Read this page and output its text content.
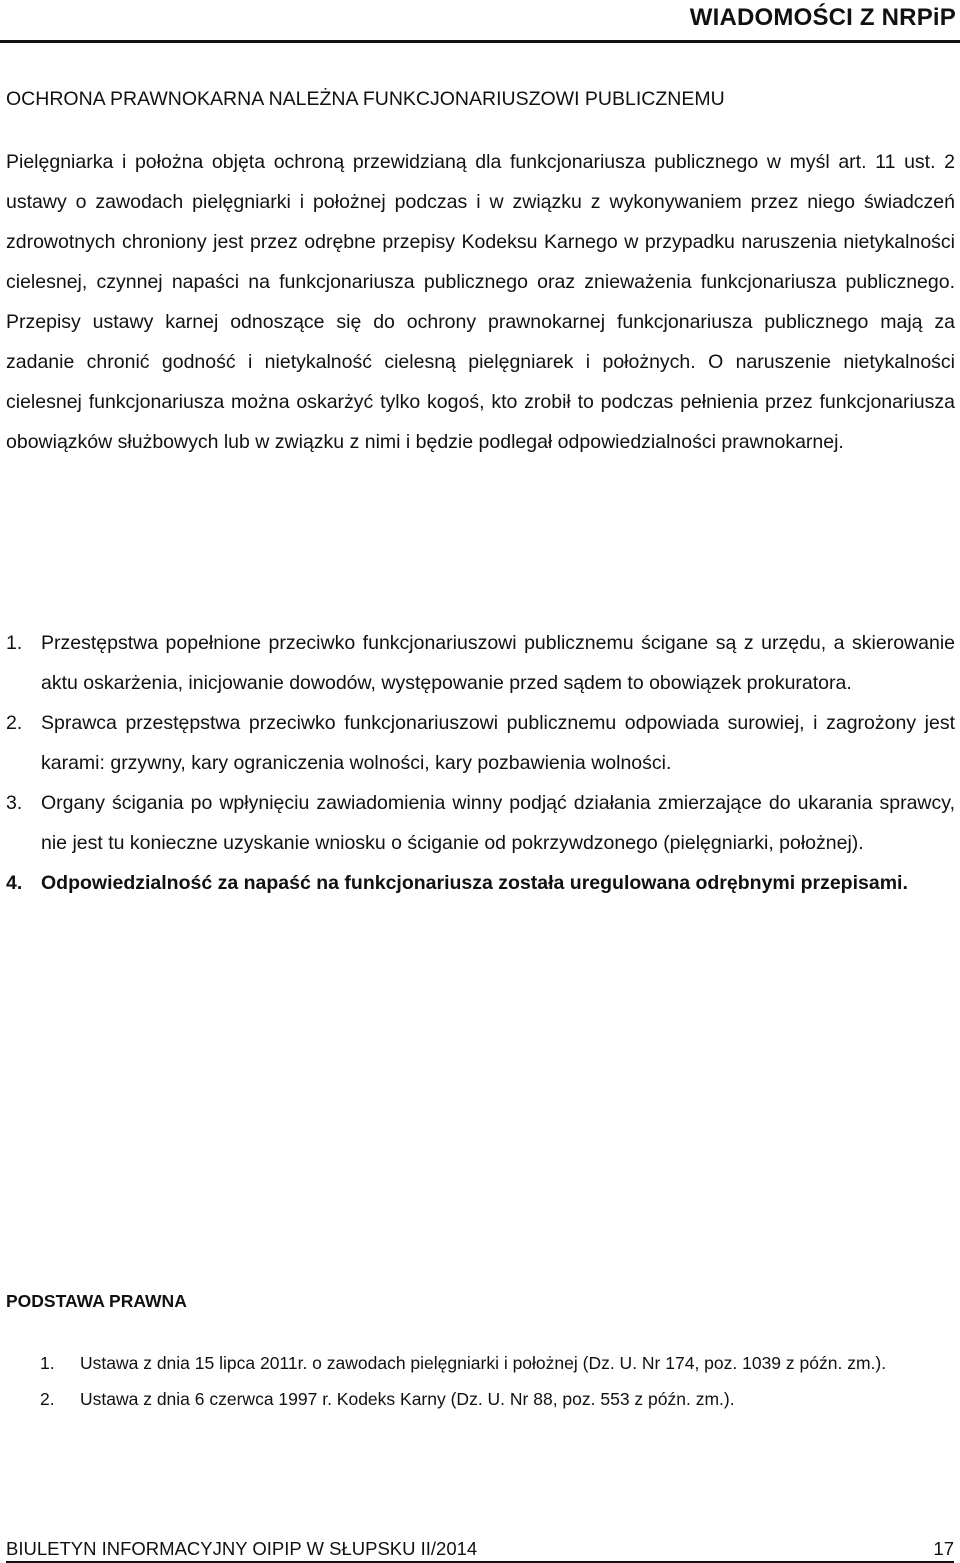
WIADOMOŚCI Z NRPiP
OCHRONA PRAWNOKARNA NALEŻNA FUNKCJONARIUSZOWI PUBLICZNEMU

Pielęgniarka i położna objęta ochroną przewidzianą dla funkcjonariusza publicznego w myśl art. 11 ust. 2 ustawy o zawodach pielęgniarki i położnej podczas i w związku z wykonywaniem przez niego świadczeń zdrowotnych chroniony jest przez odrębne przepisy Kodeksu Karnego w przypadku naruszenia nietykalności cielesnej, czynnej napaści na funkcjonariusza publicznego oraz znieważenia funkcjonariusza publicznego. Przepisy ustawy karnej odnoszące się do ochrony prawnokarnej funkcjonariusza publicznego mają za zadanie chronić godność i nietykalność cielesną pielęgniarek i położnych. O naruszenie nietykalności cielesnej funkcjonariusza można oskarżyć tylko kogoś, kto zrobił to podczas pełnienia przez funkcjonariusza obowiązków służbowych lub w związku z nimi i będzie podlegał odpowiedzialności prawnokarnej.

1. Przestępstwa popełnione przeciwko funkcjonariuszowi publicznemu ścigane są z urzędu, a skierowanie aktu oskarżenia, inicjowanie dowodów, występowanie przed sądem to obowiązek prokuratora.
2. Sprawca przestępstwa przeciwko funkcjonariuszowi publicznemu odpowiada surowiej, i zagrożony jest karami: grzywny, kary ograniczenia wolności, kary pozbawienia wolności.
3. Organy ścigania po wpłynięciu zawiadomienia winny podjąć działania zmierzające do ukarania sprawcy, nie jest tu konieczne uzyskanie wniosku o ściganie od pokrzywdzonego (pielęgniarki, położnej).
4. Odpowiedzialność za napaść na funkcjonariusza została uregulowana odrębnymi przepisami.
PODSTAWA PRAWNA
1. Ustawa z dnia 15 lipca 2011r. o zawodach pielęgniarki i położnej (Dz. U. Nr 174, poz. 1039 z późn. zm.).
2. Ustawa z dnia 6 czerwca 1997 r. Kodeks Karny (Dz. U. Nr 88, poz. 553 z późn. zm.).
BIULETYN INFORMACYJNY OIPIP W SŁUPSKU II/2014	17
